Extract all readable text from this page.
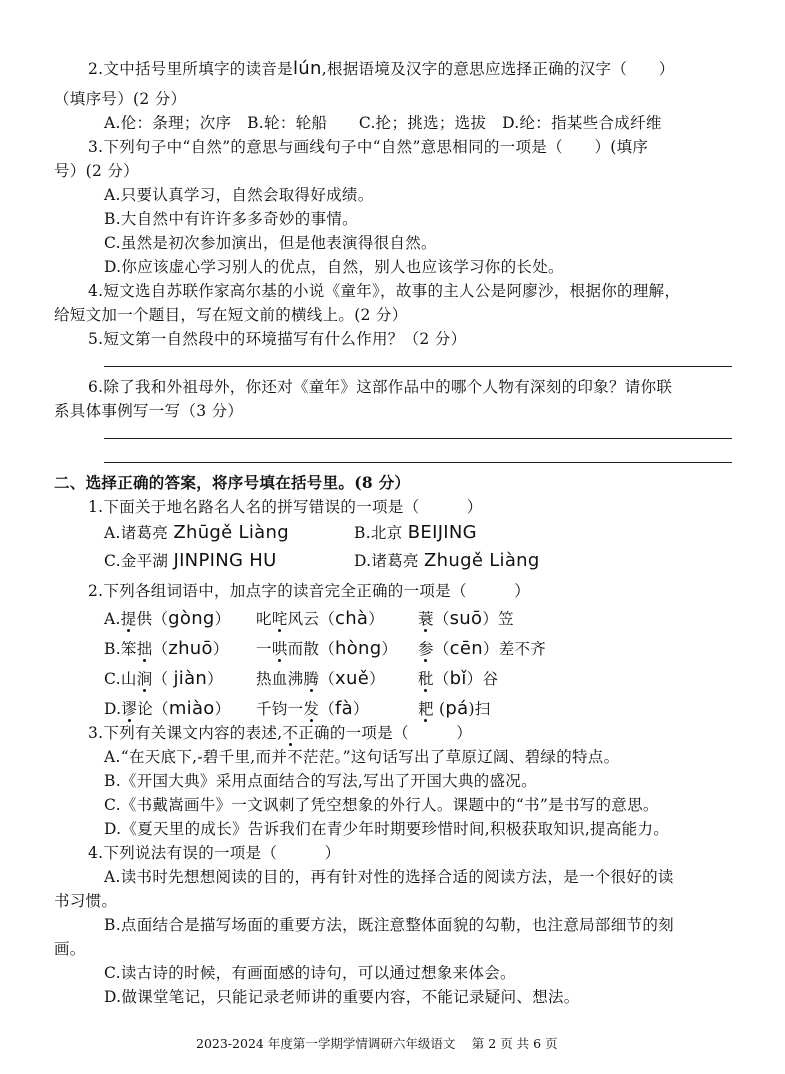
2.文中括号里所填字的读音是lún,根据语境及汉字的意思应选择正确的汉字（　　）
（填序号）(2 分）
A.伦：条理；次序　B.轮：轮船　　C.抡；挑选；选拔　D.纶：指某些合成纤维
3.下列句子中“自然”的意思与画线句子中“自然”意思相同的一项是（　　）(填序
号）(2 分）
A.只要认真学习，自然会取得好成绩。
B.大自然中有许许多多奇妙的事情。
C.虽然是初次参加演出，但是他表演得很自然。
D.你应该虚心学习别人的优点，自然，别人也应该学习你的长处。
4.短文选自苏联作家高尔基的小说《童年》，故事的主人公是阿廖沙，根据你的理解，
给短文加一个题目，写在短文前的横线上。(2 分）
5.短文第一自然段中的环境描写有什么作用？（2 分）
6.除了我和外祖母外，你还对《童年》这部作品中的哪个人物有深刻的印象？请你联
系具体事例写一写（3 分）
二、选择正确的答案，将序号填在括号里。(8 分）
1.下面关于地名路名人名的拼写错误的一项是（　　　）
A.诸葛亮 Zhūgě Liàng	B.北京 BEIJING
C.金平湖 JINPING HU	D.诸葛亮 Zhugě Liàng
2.下列各组词语中，加点字的读音完全正确的一项是（　　　）
A.提供（gòng） 叱咤风云（chà） 蓑（suō）笠
B.笨拙（zhuō） 一哄而散（hòng） 参（cēn）差不齐
C.山涧（ jiàn） 热血沸腾（xuě） 秕（bǐ）谷
D.谬论（miào） 千钧一发（fà）	耙 (pá)扫
3.下列有关课文内容的表述,不正确的一项是（　　　）
A.“在天底下,-碧千里,而并不茫茫。”这句话写出了草原辽阔、碧绿的特点。
B.《开国大典》采用点面结合的写法,写出了开国大典的盛况。
C.《书戴嵩画牛》一文讽刺了凭空想象的外行人。课题中的“书”是书写的意思。
D.《夏天里的成长》告诉我们在青少年时期要珍惜时间,积极获取知识,提高能力。
4.下列说法有误的一项是（　　　）
A.读书时先想想阅读的目的，再有针对性的选择合适的阅读方法，是一个很好的读
书习惯。
B.点面结合是描写场面的重要方法，既注意整体面貌的勾勒，也注意局部细节的刻
画。
C.读古诗的时候，有画面感的诗句，可以通过想象来体会。
D.做课堂笔记，只能记录老师讲的重要内容，不能记录疑问、想法。
2023-2024 年度第一学期学情调研六年级语文　 第 2 页 共 6 页
